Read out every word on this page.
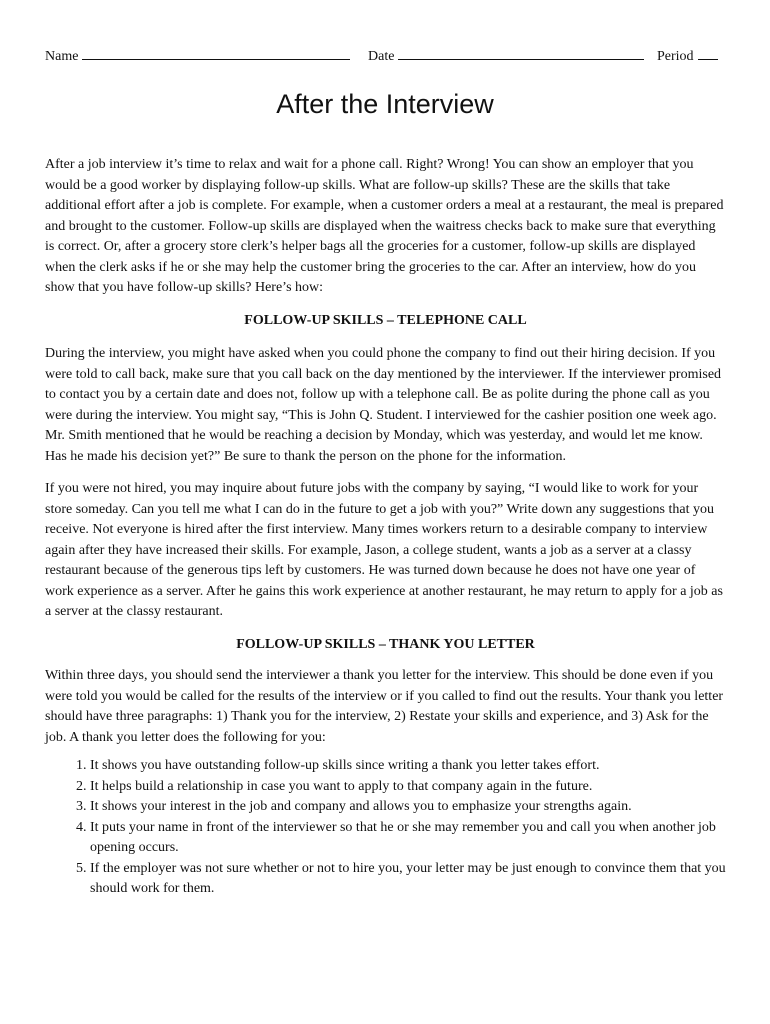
Name	Date	Period
After the Interview

After a job interview it’s time to relax and wait for a phone call. Right? Wrong! You can show an employer that you would be a good worker by displaying follow-up skills. What are follow-up skills? These are the skills that take additional effort after a job is complete. For example, when a customer orders a meal at a restaurant, the meal is prepared and brought to the customer. Follow-up skills are displayed when the waitress checks back to make sure that everything is correct. Or, after a grocery store clerk’s helper bags all the groceries for a customer, follow-up skills are displayed when the clerk asks if he or she may help the customer bring the groceries to the car. After an interview, how do you show that you have follow-up skills? Here’s how:

FOLLOW-UP SKILLS – TELEPHONE CALL

During the interview, you might have asked when you could phone the company to find out their hiring decision. If you were told to call back, make sure that you call back on the day mentioned by the interviewer. If the interviewer promised to contact you by a certain date and does not, follow up with a telephone call. Be as polite during the phone call as you were during the interview. You might say, “This is John Q. Student. I interviewed for the cashier position one week ago. Mr. Smith mentioned that he would be reaching a decision by Monday, which was yesterday, and would let me know. Has he made his decision yet?” Be sure to thank the person on the phone for the information.

If you were not hired, you may inquire about future jobs with the company by saying, “I would like to work for your store someday. Can you tell me what I can do in the future to get a job with you?” Write down any suggestions that you receive. Not everyone is hired after the first interview. Many times workers return to a desirable company to interview again after they have increased their skills. For example, Jason, a college student, wants a job as a server at a classy restaurant because of the generous tips left by customers. He was turned down because he does not have one year of work experience as a server. After he gains this work experience at another restaurant, he may return to apply for a job as a server at the classy restaurant.

FOLLOW-UP SKILLS – THANK YOU LETTER

Within three days, you should send the interviewer a thank you letter for the interview. This should be done even if you were told you would be called for the results of the interview or if you called to find out the results. Your thank you letter should have three paragraphs: 1) Thank you for the interview, 2) Restate your skills and experience, and 3) Ask for the job. A thank you letter does the following for you:

1. It shows you have outstanding follow-up skills since writing a thank you letter takes effort.
2. It helps build a relationship in case you want to apply to that company again in the future.
3. It shows your interest in the job and company and allows you to emphasize your strengths again.
4. It puts your name in front of the interviewer so that he or she may remember you and call you when another job opening occurs.
5. If the employer was not sure whether or not to hire you, your letter may be just enough to convince them that you should work for them.
